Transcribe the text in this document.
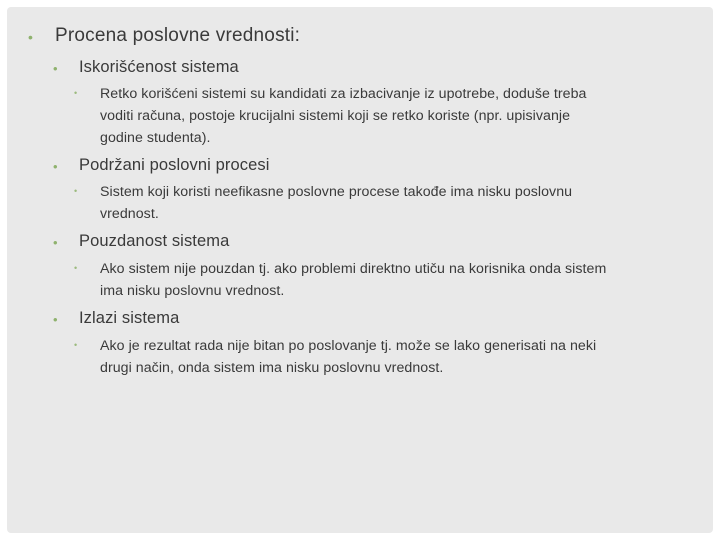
• Procena poslovne vrednosti:
• Iskorišćenost sistema
• Retko korišćeni sistemi su kandidati za izbacivanje iz upotrebe, doduše treba
voditi računa, postoje krucijalni sistemi koji se retko koriste (npr. upisivanje
godine studenta).
• Podržani poslovni procesi
• Sistem koji koristi neefikasne poslovne procese takođe ima nisku poslovnu
vrednost.
• Pouzdanost sistema
• Ako sistem nije pouzdan tj. ako problemi direktno utiču na korisnika onda sistem
ima nisku poslovnu vrednost.
• Izlazi sistema
• Ako je rezultat rada nije bitan po poslovanje tj. može se lako generisati na neki
drugi način, onda sistem ima nisku poslovnu vrednost.
